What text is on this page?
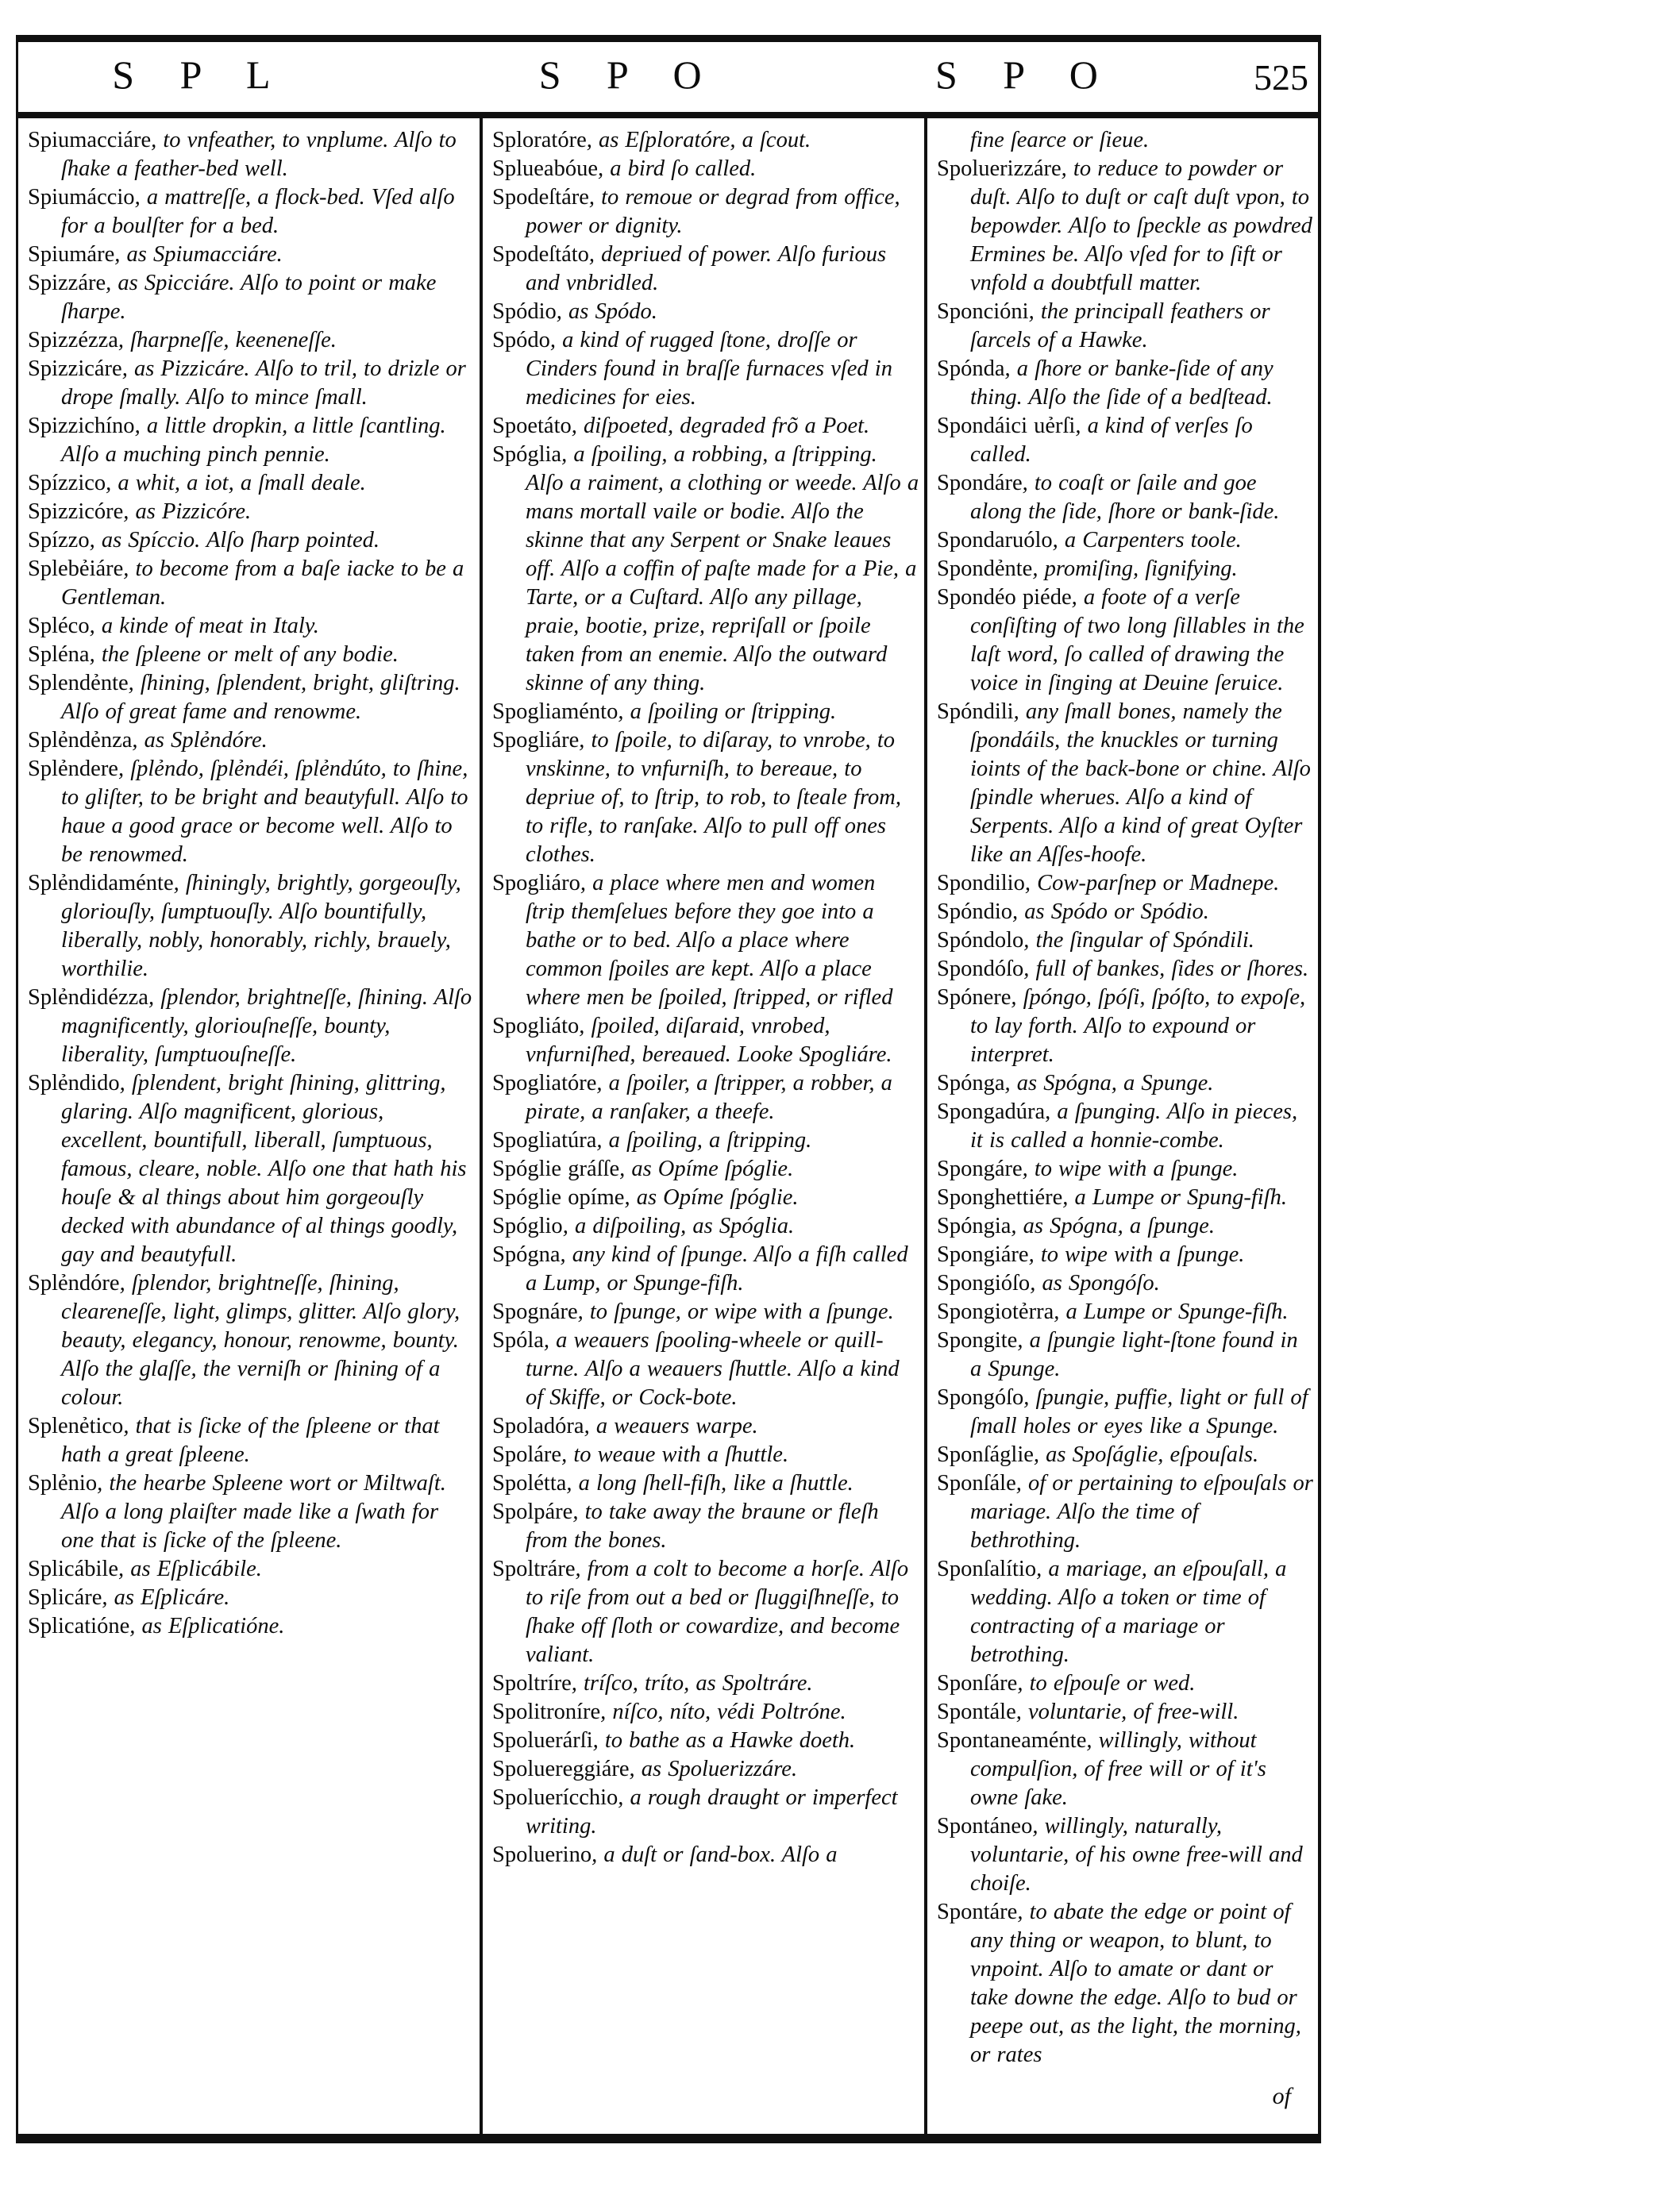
S P L	S P O	S P O	525

Spiumacciáre, to vnfeather, to vnplume. Alſo to ſhake a feather-bed well.

Spiumáccio, a mattreſſe, a flock-bed. Vſed alſo for a boulſter for a bed.

Spiumáre, as Spiumacciáre.

Spizzáre, as Spicciáre. Alſo to point or make ſharpe.

Spizzézza, ſharpneſſe, keeneneſſe.

Spizzicáre, as Pizzicáre. Alſo to tril, to drizle or drope ſmally. Alſo to mince ſmall.

Spizzichíno, a little dropkin, a little ſcantling. Alſo a muching pinch pennie.

Spízzico, a whit, a iot, a ſmall deale.

Spizzicóre, as Pizzicóre.

Spízzo, as Spíccio. Alſo ſharp pointed.

Splebẻiáre, to become from a baſe iacke to be a Gentleman.

Spléco, a kinde of meat in Italy.

Spléna, the ſpleene or melt of any bodie.

Splendẻnte, ſhining, ſplendent, bright, gliſtring. Alſo of great fame and renowme.

Splẻndẻnza, as Splẻndóre.

Splẻndere, ſplẻndo, ſplẻndéi, ſplẻndúto, to ſhine, to gliſter, to be bright and beautyfull. Alſo to haue a good grace or become well. Alſo to be renowmed.

Splẻndidaménte, ſhiningly, brightly, gorgeouſly, gloriouſly, ſumptuouſly. Alſo bountifully, liberally, nobly, honorably, richly, brauely, worthilie.

Splẻndidézza, ſplendor, brightneſſe, ſhining. Alſo magnificently, gloriouſneſſe, bounty, liberality, ſumptuouſneſſe.

Splẻndido, ſplendent, bright ſhining, glittring, glaring. Alſo magnificent, glorious, excellent, bountifull, liberall, ſumptuous, famous, cleare, noble. Alſo one that hath his houſe & al things about him gorgeouſly decked with abundance of al things goodly, gay and beautyfull.

Splẻndóre, ſplendor, brightneſſe, ſhining, cleareneſſe, light, glimps, glitter. Alſo glory, beauty, elegancy, honour, renowme, bounty. Alſo the glaſſe, the verniſh or ſhining of a colour.

Splenẻtico, that is ſicke of the ſpleene or that hath a great ſpleene.

Splẻnio, the hearbe Spleene wort or Miltwaſt. Alſo a long plaiſter made like a ſwath for one that is ſicke of the ſpleene.

Splicábile, as Eſplicábile.

Splicáre, as Eſplicáre.

Splicatióne, as Eſplicatióne.

Sploratóre, as Eſploratóre, a ſcout.

Splueabóue, a bird ſo called.

Spodeſtáre, to remoue or degrad from office, power or dignity.

Spodeſtáto, depriued of power. Alſo furious and vnbridled.

Spódio, as Spódo.

Spódo, a kind of rugged ſtone, droſſe or Cinders found in braſſe furnaces vſed in medicines for eies.

Spoetáto, diſpoeted, degraded frõ a Poet.

Spóglia, a ſpoiling, a robbing, a ſtripping. Alſo a raiment, a clothing or weede. Alſo a mans mortall vaile or bodie. Alſo the skinne that any Serpent or Snake leaues off. Alſo a coffin of paſte made for a Pie, a Tarte, or a Cuſtard. Alſo any pillage, praie, bootie, prize, repriſall or ſpoile taken from an enemie. Alſo the outward skinne of any thing.

Spogliaménto, a ſpoiling or ſtripping.

Spogliáre, to ſpoile, to diſaray, to vnrobe, to vnskinne, to vnfurniſh, to bereaue, to depriue of, to ſtrip, to rob, to ſteale from, to rifle, to ranſake. Alſo to pull off ones clothes.

Spogliáro, a place where men and women ſtrip themſelues before they goe into a bathe or to bed. Alſo a place where common ſpoiles are kept. Alſo a place where men be ſpoiled, ſtripped, or rifled

Spogliáto, ſpoiled, diſaraid, vnrobed, vnfurniſhed, bereaued. Looke Spogliáre.

Spogliatóre, a ſpoiler, a ſtripper, a robber, a pirate, a ranſaker, a theefe.

Spogliatúra, a ſpoiling, a ſtripping.

Spóglie gráſſe, as Opíme ſpóglie.

Spóglie opíme, as Opíme ſpóglie.

Spóglio, a diſpoiling, as Spóglia.

Spógna, any kind of ſpunge. Alſo a fiſh called a Lump, or Spunge-fiſh.

Spognáre, to ſpunge, or wipe with a ſpunge.

Spóla, a weauers ſpooling-wheele or quill-turne. Alſo a weauers ſhuttle. Alſo a kind of Skiffe, or Cock-bote.

Spoladóra, a weauers warpe.

Spoláre, to weaue with a ſhuttle.

Spolétta, a long ſhell-fiſh, like a ſhuttle.

Spolpáre, to take away the braune or fleſh from the bones.

Spoltráre, from a colt to become a horſe. Alſo to riſe from out a bed or ſluggiſhneſſe, to ſhake off ſloth or cowardize, and become valiant.

Spoltríre, tríſco, tríto, as Spoltráre.

Spolitroníre, níſco, níto, védi Poltróne.

Spoluerárſi, to bathe as a Hawke doeth.

Spoluereggiáre, as Spoluerizzáre.

Spoluerícchio, a rough draught or imperfect writing.

Spoluerino, a duſt or ſand-box. Alſo a

fine ſearce or ſieue.

Spoluerizzáre, to reduce to powder or duſt. Alſo to duſt or caſt duſt vpon, to bepowder. Alſo to ſpeckle as powdred Ermines be. Alſo vſed for to ſift or vnfold a doubtfull matter.

Sponcióni, the principall feathers or ſarcels of a Hawke.

Spónda, a ſhore or banke-ſide of any thing. Alſo the ſide of a bedſtead.

Spondáici uẻrſi, a kind of verſes ſo called.

Spondáre, to coaſt or ſaile and goe along the ſide, ſhore or bank-ſide.

Spondaruólo, a Carpenters toole.

Spondẻnte, promiſing, ſignifying.

Spondéo piéde, a foote of a verſe conſiſting of two long ſillables in the laſt word, ſo called of drawing the voice in ſinging at Deuine ſeruice.

Spóndili, any ſmall bones, namely the ſpondáils, the knuckles or turning ioints of the back-bone or chine. Alſo ſpindle wherues. Alſo a kind of Serpents. Alſo a kind of great Oyſter like an Aſſes-hoofe.

Spondilio, Cow-parſnep or Madnepe.

Spóndio, as Spódo or Spódio.

Spóndolo, the ſingular of Spóndili.

Spondóſo, full of bankes, ſides or ſhores.

Spónere, ſpóngo, ſpóſi, ſpóſto, to expoſe, to lay forth. Alſo to expound or interpret.

Spónga, as Spógna, a Spunge.

Spongadúra, a ſpunging. Alſo in pieces, it is called a honnie-combe.

Spongáre, to wipe with a ſpunge.

Sponghettiére, a Lumpe or Spung-fiſh.

Spóngia, as Spógna, a ſpunge.

Spongiáre, to wipe with a ſpunge.

Spongióſo, as Spongóſo.

Spongiotẻrra, a Lumpe or Spunge-fiſh.

Spongite, a ſpungie light-ſtone found in a Spunge.

Spongóſo, ſpungie, puffie, light or full of ſmall holes or eyes like a Spunge.

Sponſáglie, as Spoſáglie, eſpouſals.

Sponſále, of or pertaining to eſpouſals or mariage. Alſo the time of bethrothing.

Sponſalítio, a mariage, an eſpouſall, a wedding. Alſo a token or time of contracting of a mariage or betrothing.

Sponſáre, to eſpouſe or wed.

Spontále, voluntarie, of free-will.

Spontaneaménte, willingly, without compulſion, of free will or of it's owne ſake.

Spontáneo, willingly, naturally, voluntarie, of his owne free-will and choiſe.

Spontáre, to abate the edge or point of any thing or weapon, to blunt, to vnpoint. Alſo to amate or dant or take downe the edge. Alſo to bud or peepe out, as the light, the morning, or rates

of
